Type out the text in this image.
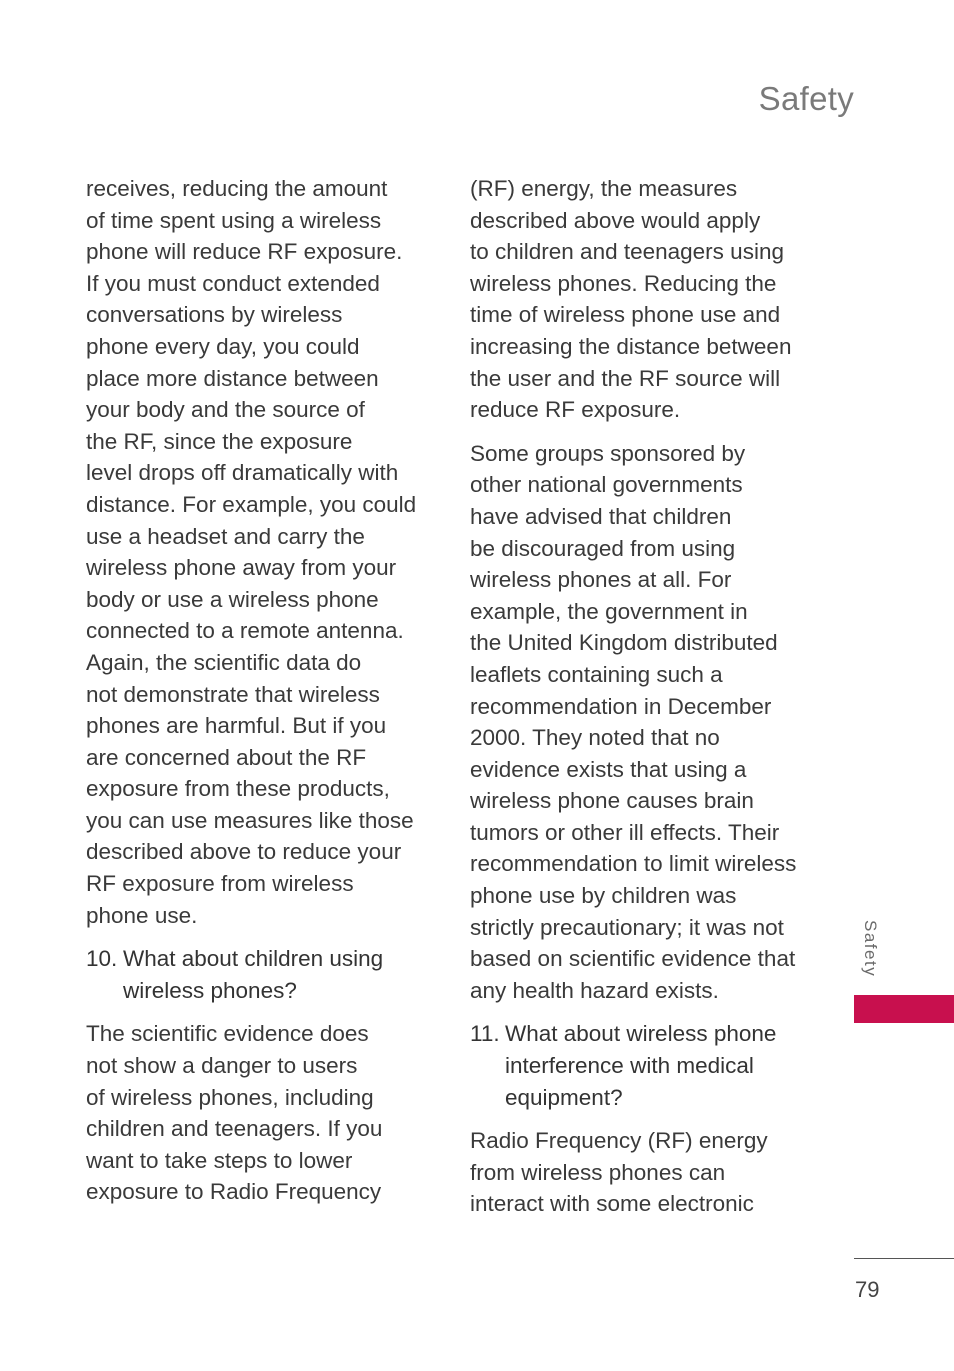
Safety

receives, reducing the amount
of time spent using a wireless
phone will reduce RF exposure.
If you must conduct extended
conversations by wireless
phone every day, you could
place more distance between
your body and the source of
the RF, since the exposure
level drops off dramatically with
distance. For example, you could
use a headset and carry the
wireless phone away from your
body or use a wireless phone
connected to a remote antenna.
Again, the scientific data do
not demonstrate that wireless
phones are harmful. But if you
are concerned about the RF
exposure from these products,
you can use measures like those
described above to reduce your
RF exposure from wireless
phone use.

10. What about children using
wireless phones?

The scientific evidence does
not show a danger to users
of wireless phones, including
children and teenagers. If you
want to take steps to lower
exposure to Radio Frequency

(RF) energy, the measures
described above would apply
to children and teenagers using
wireless phones. Reducing the
time of wireless phone use and
increasing the distance between
the user and the RF source will
reduce RF exposure.

Some groups sponsored by
other national governments
have advised that children
be discouraged from using
wireless phones at all. For
example, the government in
the United Kingdom distributed
leaflets containing such a
recommendation in December
2000. They noted that no
evidence exists that using a
wireless phone causes brain
tumors or other ill effects. Their
recommendation to limit wireless
phone use by children was
strictly precautionary; it was not
based on scientific evidence that
any health hazard exists.

11. What about wireless phone
interference with medical
equipment?

Radio Frequency (RF) energy
from wireless phones can
interact with some electronic

Safety
79
